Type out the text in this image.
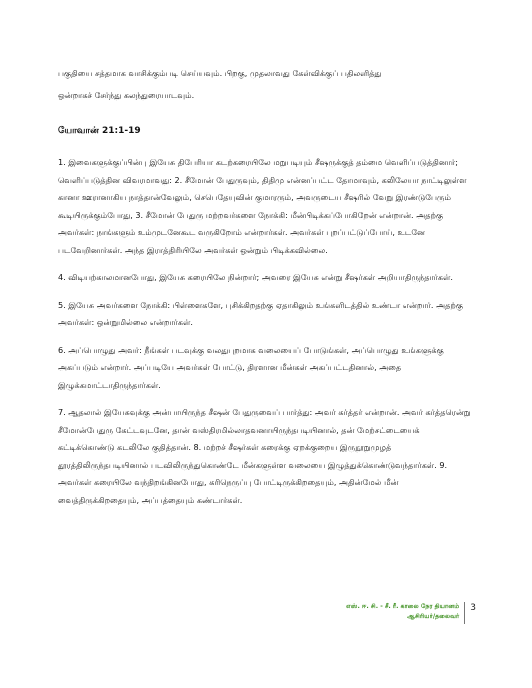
பகுதியை சத்தமாக வாசிக்கும்படி செய்யவும். பிறகு, முதலாவது கேள்விக்குப் பதிலளித்து
ஒன்றாகச் சேர்ந்து கலந்துரையாடவும்.
யோவான் 21:1-19

1. இவைகளுக்குப்பின்பு இயேசு திபேரியா கடற்கரையிலே மறுபடியும் சீஷருக்குத் தம்மை வெளிப்படுத்தினார்; வெளிப்படுத்தின விவரமாவது: 2. சீமோன் பேதுருவும், திதிமு என்னப்பட்ட தோமாவும், கலிலேயா நாட்டிலுள்ள கானா ஊரானாகிய நாத்தான்வேலும், செபெதேயுவின் குமாரரும், அவருடைய சீஷரில் வேறு இரண்டுபேரும் கூடியிருக்கும்போது, 3. சீமோன் பேதுரு மற்றவர்களை நோக்கி: மீன்பிடிக்கப்போகிறேன் என்றான். அதற்கு அவர்கள்: நாங்களும் உம்முடனேகூட வருகிறோம் என்றார்கள். அவர்கள் புறப்பட்டுப்போய், உடனே படவேறினார்கள். அந்த இராத்திரியிலே அவர்கள் ஒன்றும் பிடிக்கவில்லை.

4. விடியற்காலமானபோது, இயேசு கரையிலே நின்றார்; அவரை இயேசு என்று சீஷர்கள் அறியாதிருந்தார்கள்.

5. இயேசு அவர்களை நோக்கி: பிள்ளைகளே, புசிக்கிறதற்கு ஏதாகிலும் உங்களிடத்தில் உண்டா என்றார். அதற்கு அவர்கள்: ஒன்றுமில்லை என்றார்கள்.

6. அப்பொழுது அவர்: நீங்கள் படவுக்கு வலதுபுறமாக வலையைப் போடுங்கள், அப்பொழுது உங்களுக்கு அகப்படும் என்றார். அப்படியே அவர்கள் போட்டு, திரளான மீன்கள் அகப்பட்டதினால், அதை இழுக்கமாட்டாதிருந்தார்கள்.

7. ஆதலால் இயேசுவுக்கு அன்பாயிருந்த சீஷன் பேதுருவைப் பார்த்து: அவர் கர்த்தர் என்றான். அவர் கர்த்தரென்று சீமோன்பேதுரு கேட்டவுடனே, தான் வஸ்திரமில்லாதவனாயிருந்தபடியினால், தன் மேற்சட்டையைக் கட்டிக்கொண்டு கடலிலே குதித்தான். 8. மற்றச் சீஷர்கள் கரைக்கு ஏறக்குறைய இருநூறுமுழத் தூரத்திலிருந்தபடியினால் படவிலிருந்துகொண்டே மீன்களுள்ள வலையை இழுத்துக்கொண்டுவந்தார்கள். 9. அவர்கள் கரையிலே வந்திறங்கினபோது, கரிநெருப்பு போட்டிருக்கிறதையும், அதின்மேல் மீன் வைத்திருக்கிறதையும், அப்பத்தையும் கண்டார்கள்.

எஸ். ஈ. சி. - சீ. ரீ. காலை நேர தியானம்
ஆசிரியர்/தலைவர்
3
